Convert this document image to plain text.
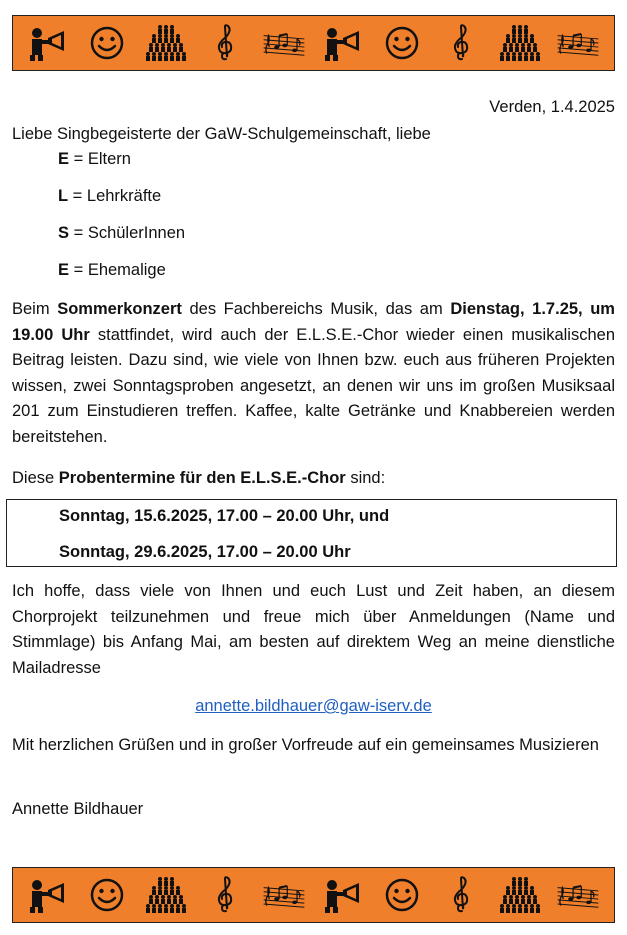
Verden, 1.4.2025
Liebe Singbegeisterte der GaW-Schulgemeinschaft, liebe
E = Eltern
L = Lehrkräfte
S = SchülerInnen
E = Ehemalige
Beim Sommerkonzert des Fachbereichs Musik, das am Dienstag, 1.7.25, um 19.00 Uhr stattfindet, wird auch der E.L.S.E.-Chor wieder einen musikalischen Beitrag leisten. Dazu sind, wie viele von Ihnen bzw. euch aus früheren Projekten wissen, zwei Sonntagsproben angesetzt, an denen wir uns im großen Musiksaal 201 zum Einstudieren treffen. Kaffee, kalte Getränke und Knabbereien werden bereitstehen.
Diese Probentermine für den E.L.S.E.-Chor sind:
Sonntag, 15.6.2025, 17.00 – 20.00 Uhr, und
Sonntag, 29.6.2025, 17.00 – 20.00 Uhr
Ich hoffe, dass viele von Ihnen und euch Lust und Zeit haben, an diesem Chorprojekt teilzunehmen und freue mich über Anmeldungen (Name und Stimmlage) bis Anfang Mai, am besten auf direktem Weg an meine dienstliche Mailadresse
annette.bildhauer@gaw-iserv.de
Mit herzlichen Grüßen und in großer Vorfreude auf ein gemeinsames Musizieren
Annette Bildhauer
